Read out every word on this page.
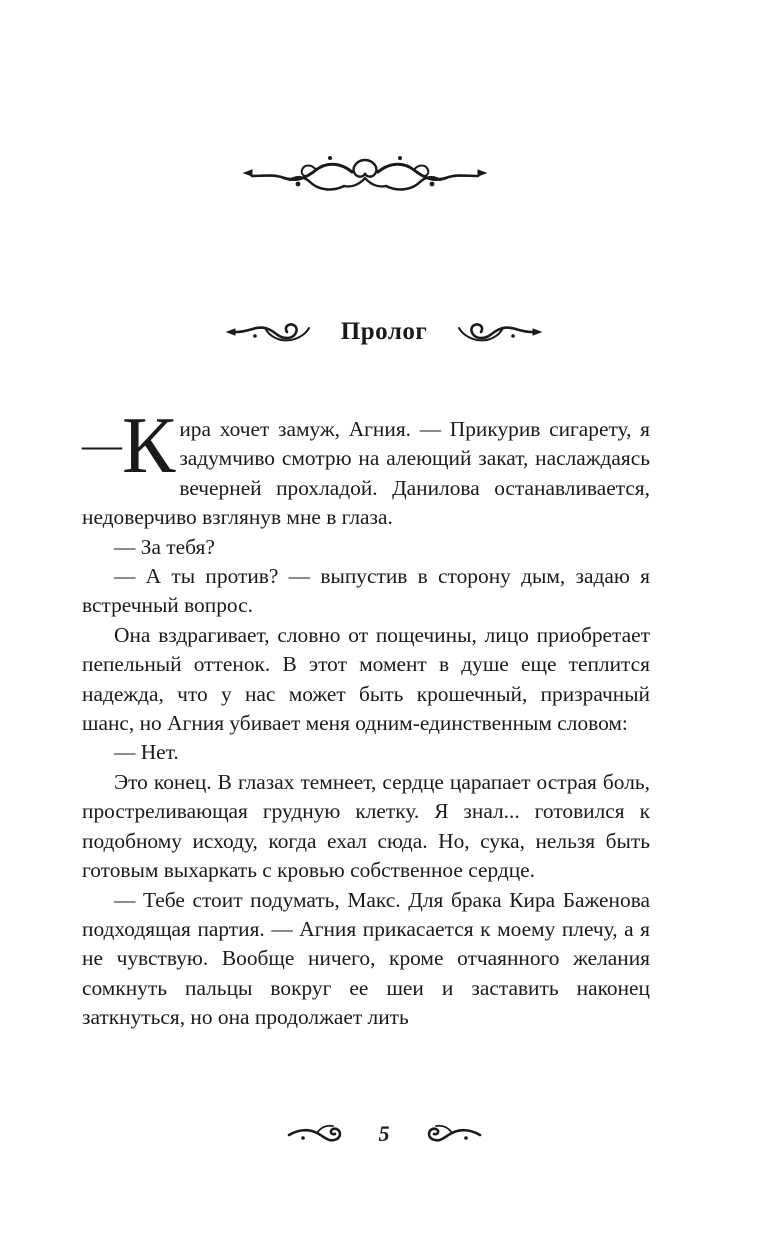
Пролог

— К ира хочет замуж, Агния. — Прикурив сигарету, я задумчиво смотрю на алеющий закат, наслаждаясь вечерней прохладой. Данилова останавливается, недоверчиво взглянув мне в глаза.

— За тебя?

— А ты против? — выпустив в сторону дым, задаю я встречный вопрос.

Она вздрагивает, словно от пощечины, лицо приобретает пепельный оттенок. В этот момент в душе еще теплится надежда, что у нас может быть крошечный, призрачный шанс, но Агния убивает меня одним-единственным словом:

— Нет.

Это конец. В глазах темнеет, сердце царапает острая боль, простреливающая грудную клетку. Я знал... готовился к подобному исходу, когда ехал сюда. Но, сука, нельзя быть готовым выхаркать с кровью собственное сердце.

— Тебе стоит подумать, Макс. Для брака Кира Баженова подходящая партия. — Агния прикасается к моему плечу, а я не чувствую. Вообще ничего, кроме отчаянного желания сомкнуть пальцы вокруг ее шеи и заставить наконец заткнуться, но она продолжает лить

5
